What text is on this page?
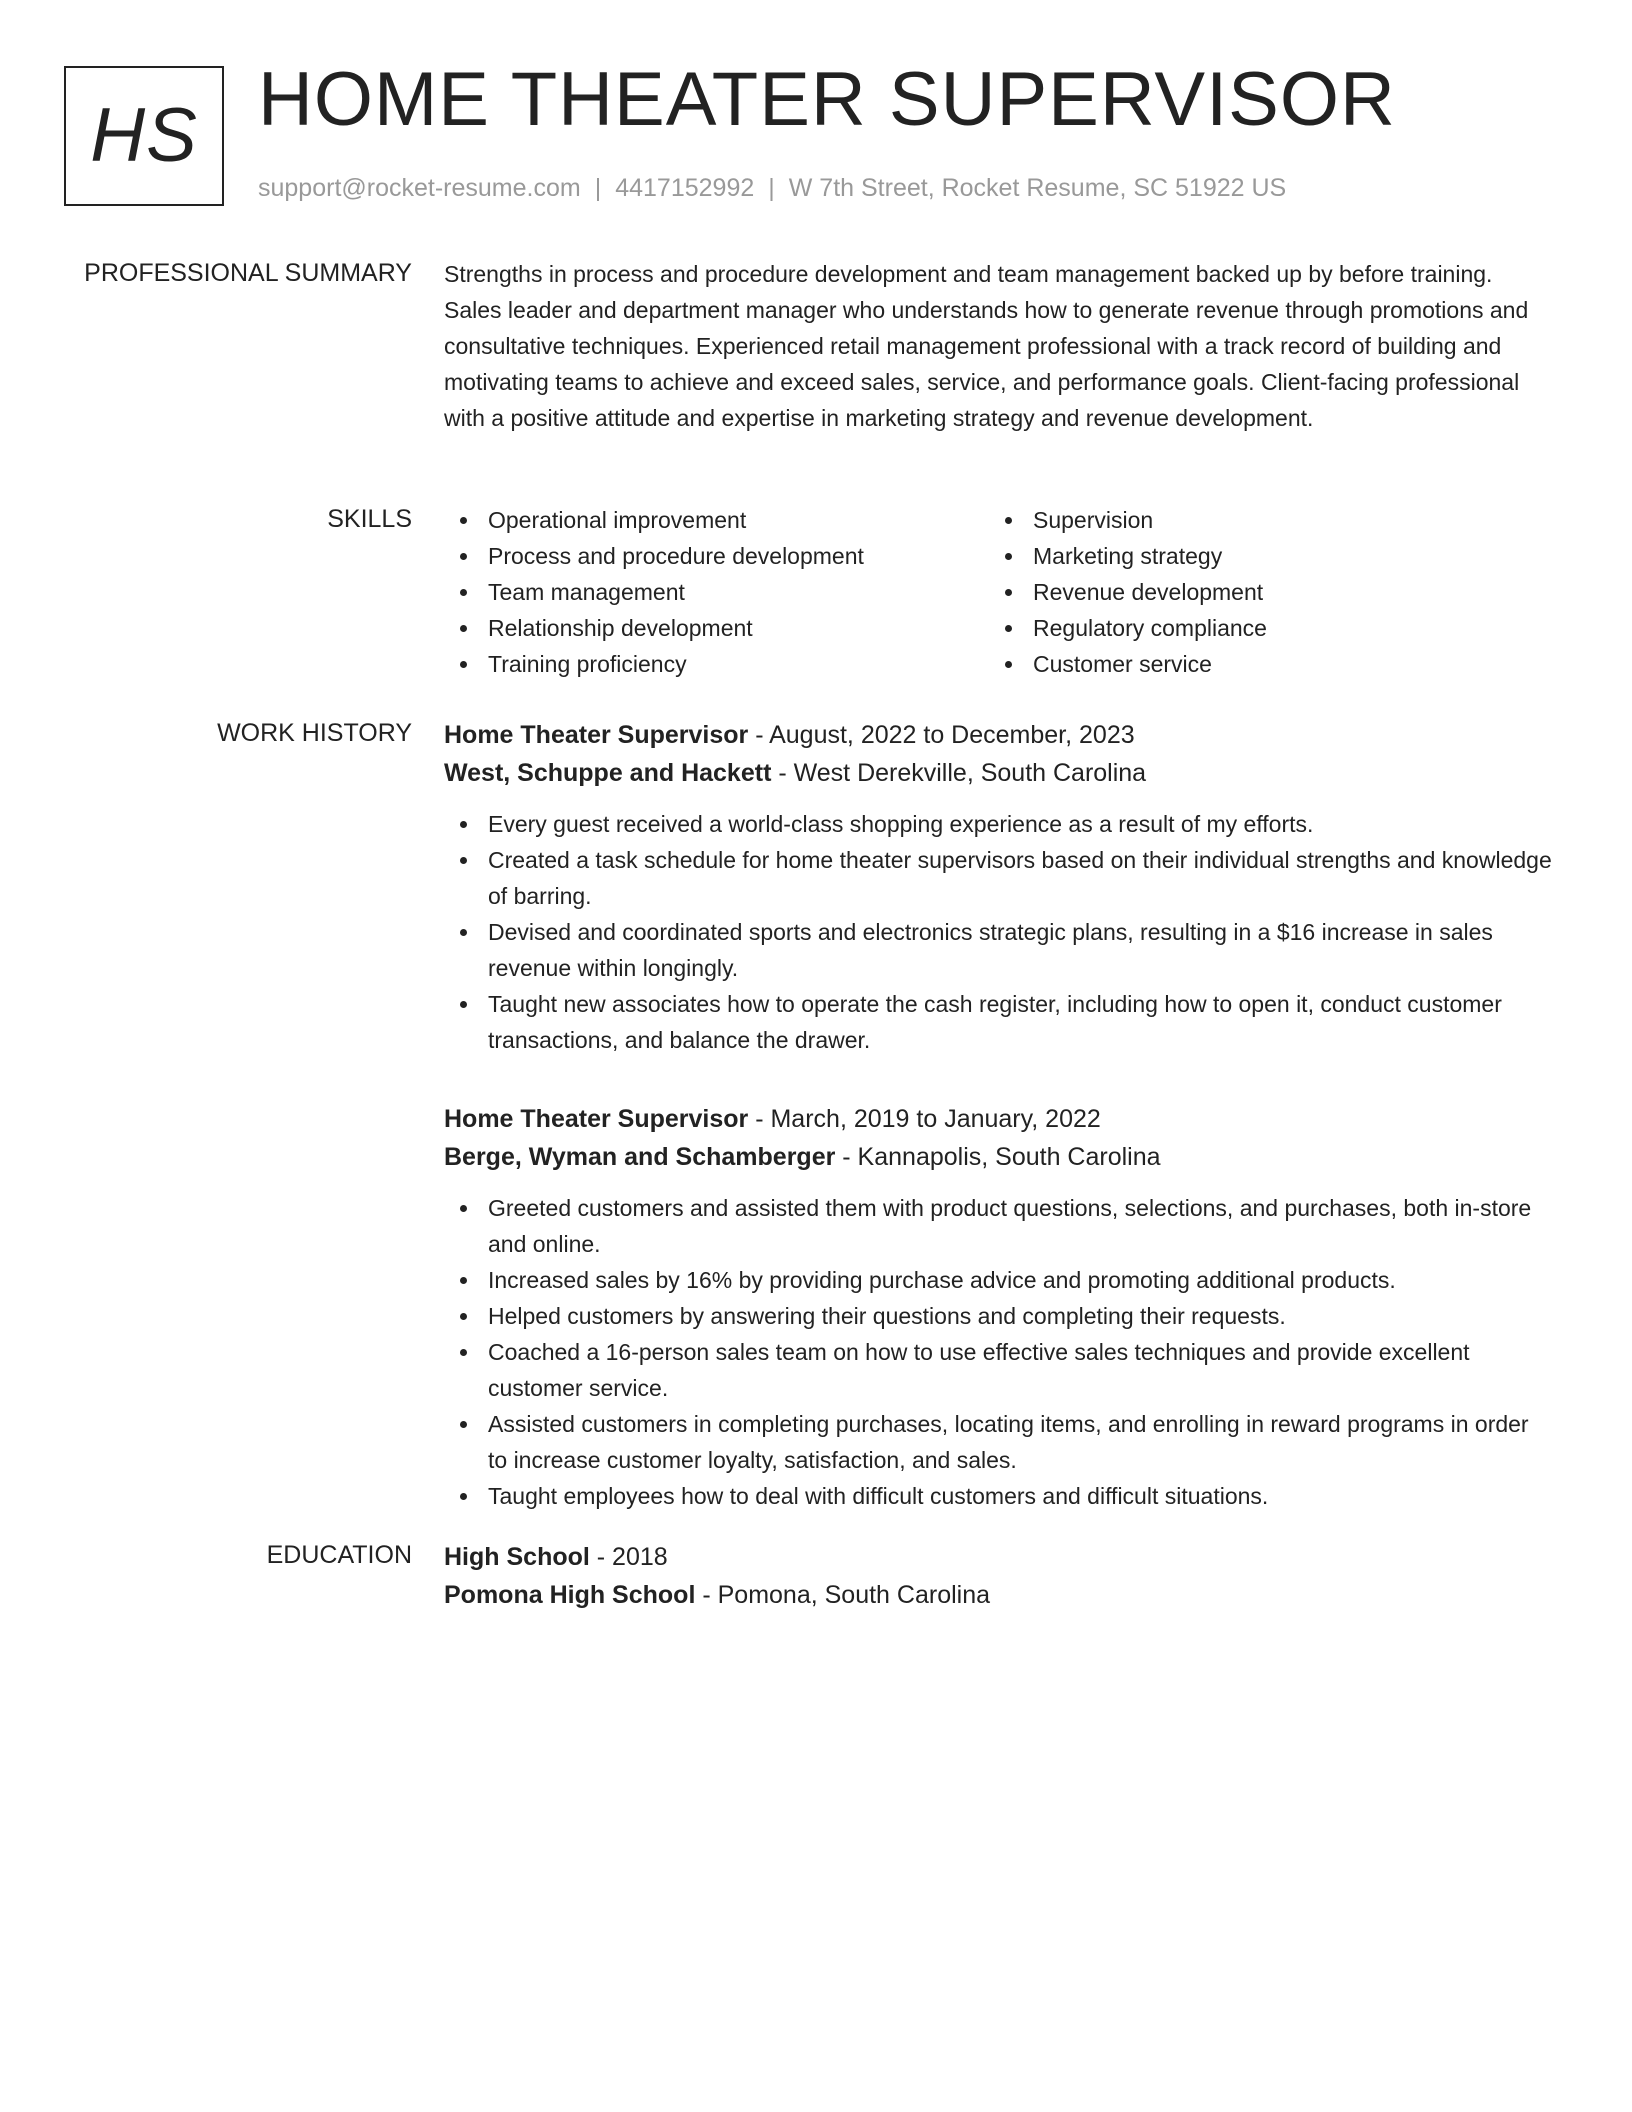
HS HOME THEATER SUPERVISOR
support@rocket-resume.com | 4417152992 | W 7th Street, Rocket Resume, SC 51922 US
PROFESSIONAL SUMMARY Strengths in process and procedure development and team management backed up by before training. Sales leader and department manager who understands how to generate revenue through promotions and consultative techniques. Experienced retail management professional with a track record of building and motivating teams to achieve and exceed sales, service, and performance goals. Client-facing professional with a positive attitude and expertise in marketing strategy and revenue development.

SKILLS	Operational improvement
Process and procedure development
Team management
Relationship development
Training proficiency
Supervision
Marketing strategy
Revenue development
Regulatory compliance
Customer service
WORK HISTORY Home Theater Supervisor - August, 2022 to December, 2023
West, Schuppe and Hackett - West Derekville, South Carolina
Every guest received a world-class shopping experience as a result of my efforts.
Created a task schedule for home theater supervisors based on their individual strengths and knowledge of barring.
Devised and coordinated sports and electronics strategic plans, resulting in a $16 increase in sales revenue within longingly.
Taught new associates how to operate the cash register, including how to open it, conduct customer transactions, and balance the drawer.
Home Theater Supervisor - March, 2019 to January, 2022
Berge, Wyman and Schamberger - Kannapolis, South Carolina
Greeted customers and assisted them with product questions, selections, and purchases, both in-store and online.
Increased sales by 16% by providing purchase advice and promoting additional products.
Helped customers by answering their questions and completing their requests.
Coached a 16-person sales team on how to use effective sales techniques and provide excellent customer service.
Assisted customers in completing purchases, locating items, and enrolling in reward programs in order to increase customer loyalty, satisfaction, and sales.
Taught employees how to deal with difficult customers and difficult situations.
EDUCATION High School - 2018
Pomona High School - Pomona, South Carolina
